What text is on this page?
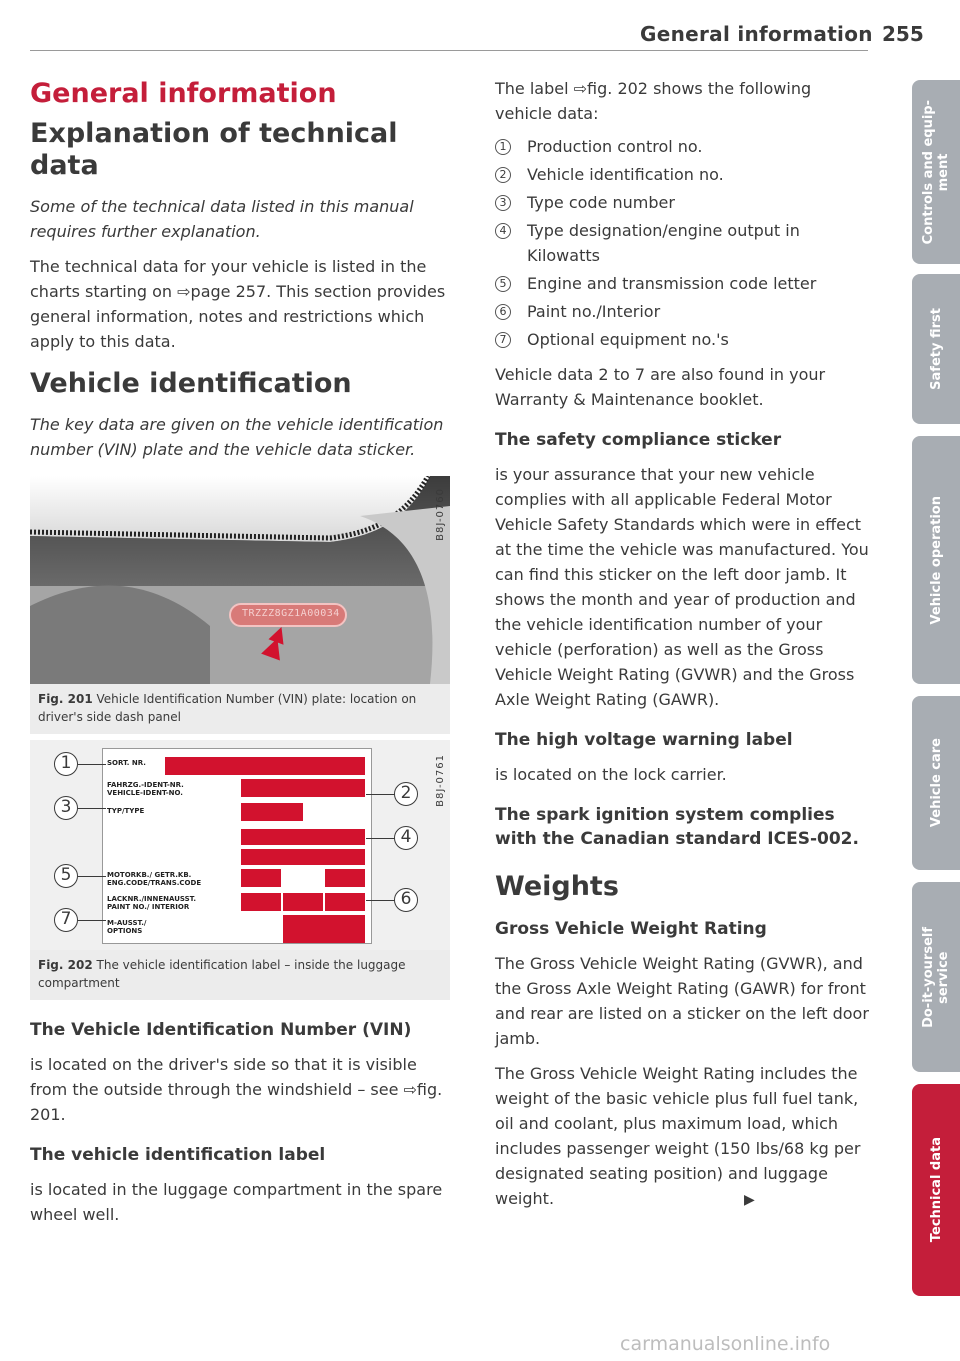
General information 255
General information
Explanation of technical data
Some of the technical data listed in this manual requires further explanation.

The technical data for your vehicle is listed in the charts starting on ⇨page 257. This section provides general information, notes and restrictions which apply to this data.

Vehicle identification
The key data are given on the vehicle identification number (VIN) plate and the vehicle data sticker.
TRZZZ8GZ1A00034
B8J-0760
Fig. 201 Vehicle Identification Number (VIN) plate: location on driver's side dash panel
SORT. NR.
FAHRZG.-IDENT-NR.
VEHICLE-IDENT-NO.
TYP/TYPE
MOTORKB./ GETR.KB.
ENG.CODE/TRANS.CODE
LACKNR./INNENAUSST.
PAINT NO./ INTERIOR
M-AUSST./
OPTIONS
1
3
5
7
2
4
6
B8J-0761
Fig. 202 The vehicle identification label – inside the luggage compartment
The Vehicle Identification Number (VIN)

is located on the driver's side so that it is visible from the outside through the windshield – see ⇨fig. 201.

The vehicle identification label

is located in the luggage compartment in the spare wheel well.

The label ⇨fig. 202 shows the following vehicle data:

1 Production control no.
2 Vehicle identification no.
3 Type code number
4 Type designation/engine output in Kilowatts
5 Engine and transmission code letter
6 Paint no./Interior
7 Optional equipment no.'s

Vehicle data 2 to 7 are also found in your Warranty & Maintenance booklet.

The safety compliance sticker

is your assurance that your new vehicle complies with all applicable Federal Motor Vehicle Safety Standards which were in effect at the time the vehicle was manufactured. You can find this sticker on the left door jamb. It shows the month and year of production and the vehicle identification number of your vehicle (perforation) as well as the Gross Vehicle Weight Rating (GVWR) and the Gross Axle Weight Rating (GAWR).

The high voltage warning label

is located on the lock carrier.

The spark ignition system complies with the Canadian standard ICES-002.
Weights
Gross Vehicle Weight Rating

The Gross Vehicle Weight Rating (GVWR), and the Gross Axle Weight Rating (GAWR) for front and rear are listed on a sticker on the left door jamb.

The Gross Vehicle Weight Rating includes the weight of the basic vehicle plus full fuel tank, oil and coolant, plus maximum load, which includes passenger weight (150 lbs/68 kg per designated seating position) and luggage weight.	▶

Controls and equip-
ment
Safety first
Vehicle operation
Vehicle care
Do-it-yourself
service
Technical data
carmanualsonline.info
